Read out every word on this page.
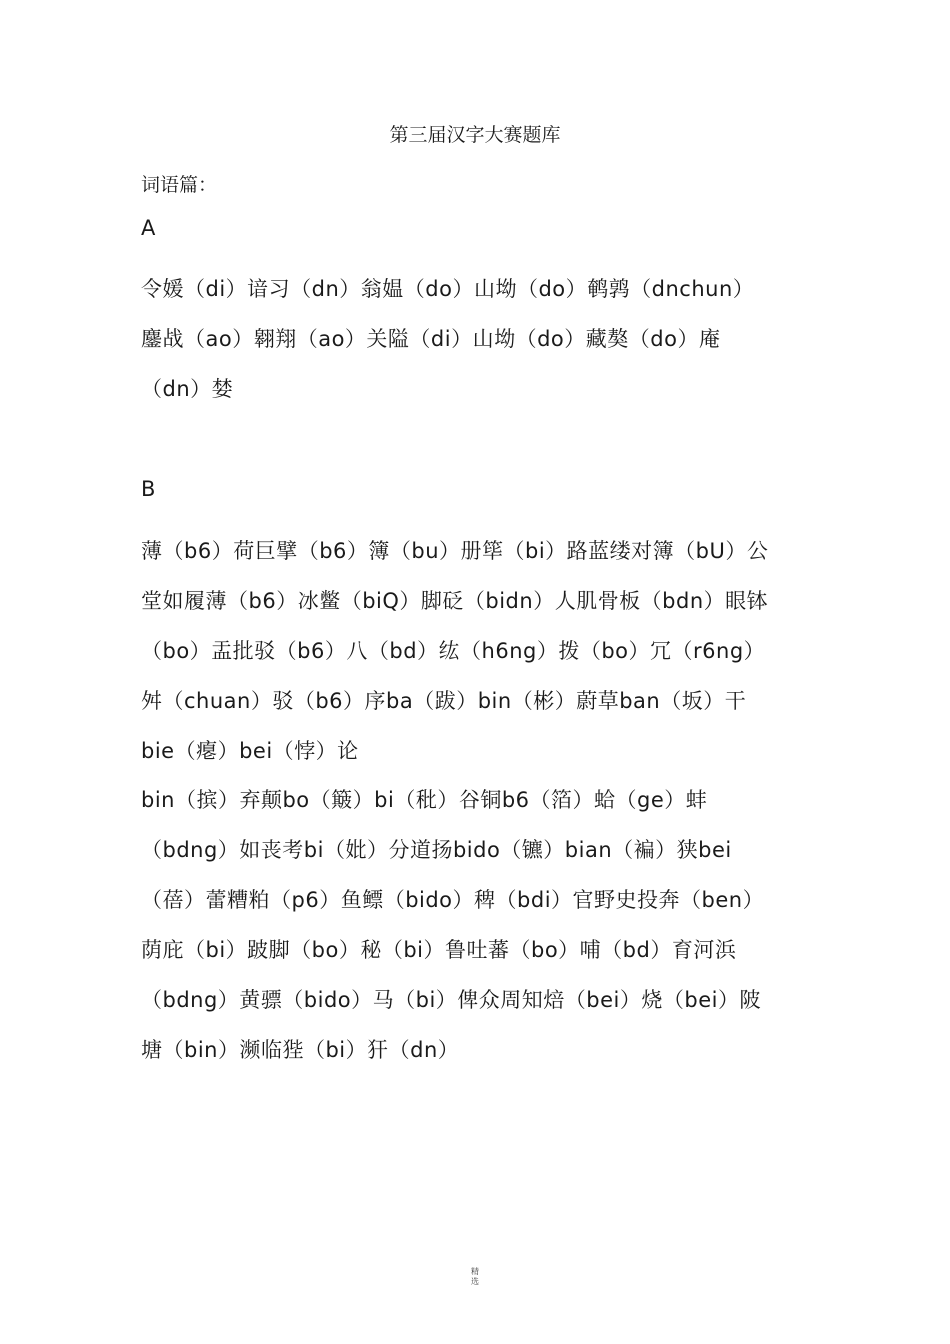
第三届汉字大赛题库
词语篇：
A
令媛（di）谙习（dn）翁媪（do）山坳（do）鹌鹑（dnchun）
鏖战（ao）翱翔（ao）关隘（di）山坳（do）藏獒（do）庵
（dn）婪
B
薄（b6）荷巨擘（b6）簿（bu）册筚（bi）路蓝缕对簿（bU）公
堂如履薄（b6）冰鳖（biQ）脚砭（bidn）人肌骨板（bdn）眼钵
（bo）盂批驳（b6）八（bd）纮（h6ng）拨（bo）冗（r6ng）
舛（chuan）驳（b6）序ba（跋）bin（彬）蔚草ban（坂）干
bie（瘪）bei（悖）论
bin（摈）弃颠bo（簸）bi（秕）谷铜b6（箔）蛤（ge）蚌
（bdng）如丧考bi（妣）分道扬bido（镳）bian（褊）狭bei
（蓓）蕾糟粕（p6）鱼鳔（bido）稗（bdi）官野史投奔（ben）
荫庇（bi）跛脚（bo）秘（bi）鲁吐蕃（bo）哺（bd）育河浜
（bdng）黄骠（bido）马（bi）俾众周知焙（bei）烧（bei）陂
塘（bin）濒临狴（bi）犴（dn）
精
选
